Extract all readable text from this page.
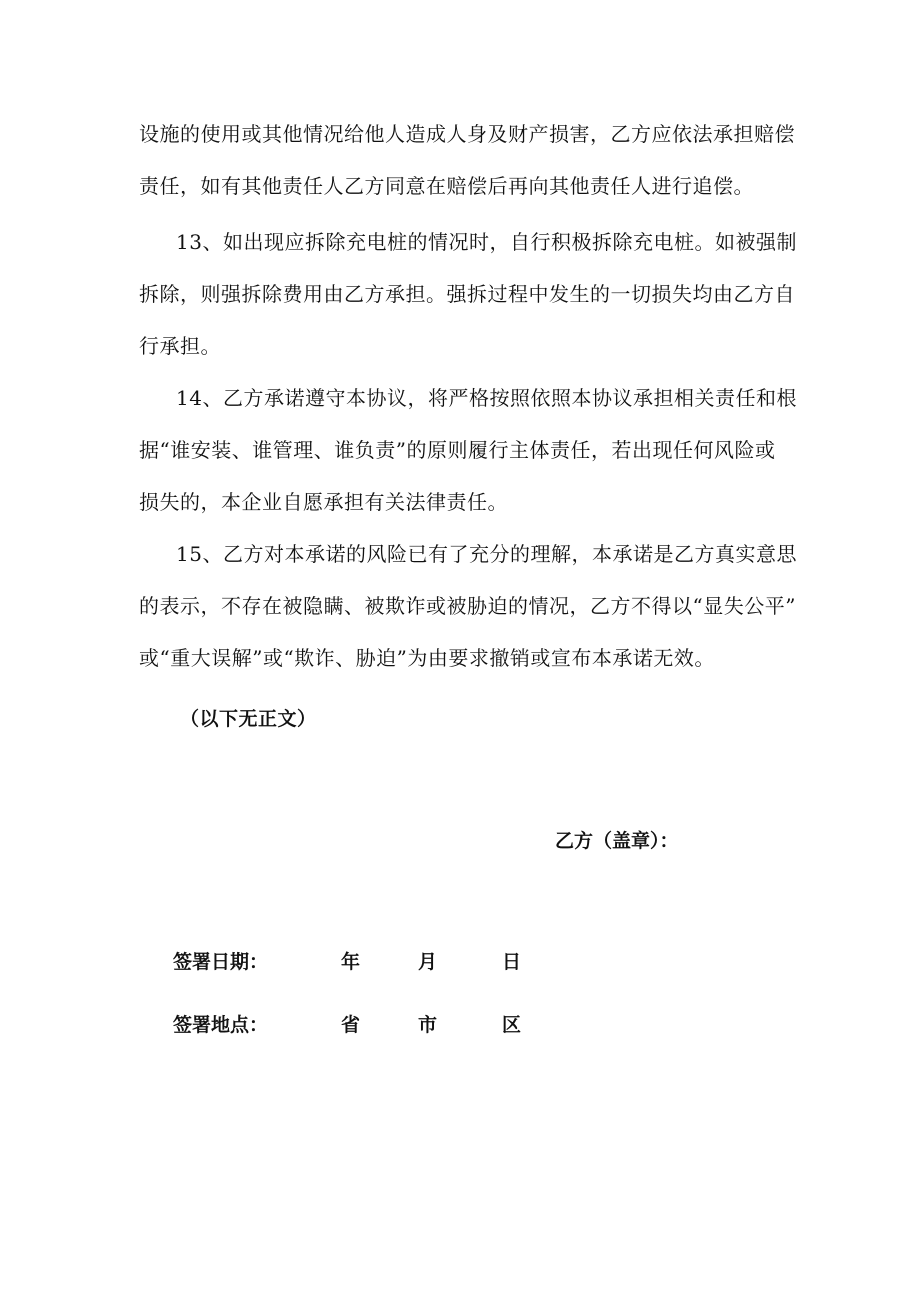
设施的使用或其他情况给他人造成人身及财产损害，乙方应依法承担赔偿
责任，如有其他责任人乙方同意在赔偿后再向其他责任人进行追偿。
13、如出现应拆除充电桩的情况时，自行积极拆除充电桩。如被强制
拆除，则强拆除费用由乙方承担。强拆过程中发生的一切损失均由乙方自
行承担。
14、乙方承诺遵守本协议，将严格按照依照本协议承担相关责任和根
据“谁安装、谁管理、谁负责”的原则履行主体责任，若出现任何风险或
损失的，本企业自愿承担有关法律责任。
15、乙方对本承诺的风险已有了充分的理解，本承诺是乙方真实意思
的表示，不存在被隐瞒、被欺诈或被胁迫的情况，乙方不得以“显失公平”
或“重大误解”或“欺诈、胁迫”为由要求撤销或宣布本承诺无效。
（以下无正文）
乙方（盖章）：
签署日期：	年	月	日
签署地点：	省	市	区
